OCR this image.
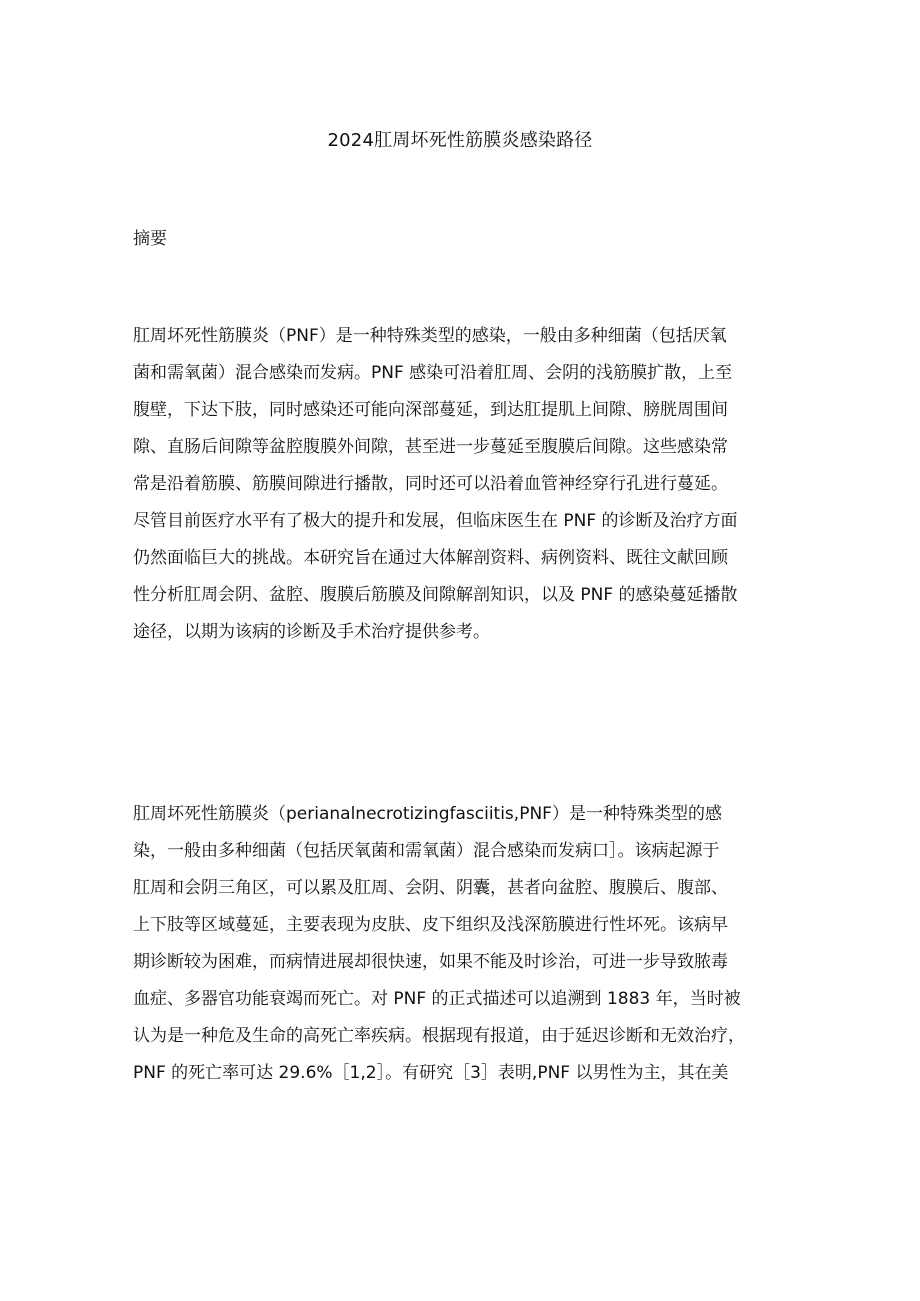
2024肛周坏死性筋膜炎感染路径
摘要
肛周坏死性筋膜炎（PNF）是一种特殊类型的感染，一般由多种细菌（包括厌氧
菌和需氧菌）混合感染而发病。PNF 感染可沿着肛周、会阴的浅筋膜扩散，上至
腹壁，下达下肢，同时感染还可能向深部蔓延，到达肛提肌上间隙、膀胱周围间
隙、直肠后间隙等盆腔腹膜外间隙，甚至进一步蔓延至腹膜后间隙。这些感染常
常是沿着筋膜、筋膜间隙进行播散，同时还可以沿着血管神经穿行孔进行蔓延。
尽管目前医疗水平有了极大的提升和发展，但临床医生在 PNF 的诊断及治疗方面
仍然面临巨大的挑战。本研究旨在通过大体解剖资料、病例资料、既往文献回顾
性分析肛周会阴、盆腔、腹膜后筋膜及间隙解剖知识，以及 PNF 的感染蔓延播散
途径，以期为该病的诊断及手术治疗提供参考。
肛周坏死性筋膜炎（perianalnecrotizingfasciitis,PNF）是一种特殊类型的感
染，一般由多种细菌（包括厌氧菌和需氧菌）混合感染而发病口］。该病起源于
肛周和会阴三角区，可以累及肛周、会阴、阴囊，甚者向盆腔、腹膜后、腹部、
上下肢等区域蔓延，主要表现为皮肤、皮下组织及浅深筋膜进行性坏死。该病早
期诊断较为困难，而病情进展却很快速，如果不能及时诊治，可进一步导致脓毒
血症、多器官功能衰竭而死亡。对 PNF 的正式描述可以追溯到 1883 年，当时被
认为是一种危及生命的高死亡率疾病。根据现有报道，由于延迟诊断和无效治疗，
PNF 的死亡率可达 29.6%［1,2］。有研究［3］表明,PNF 以男性为主，其在美
